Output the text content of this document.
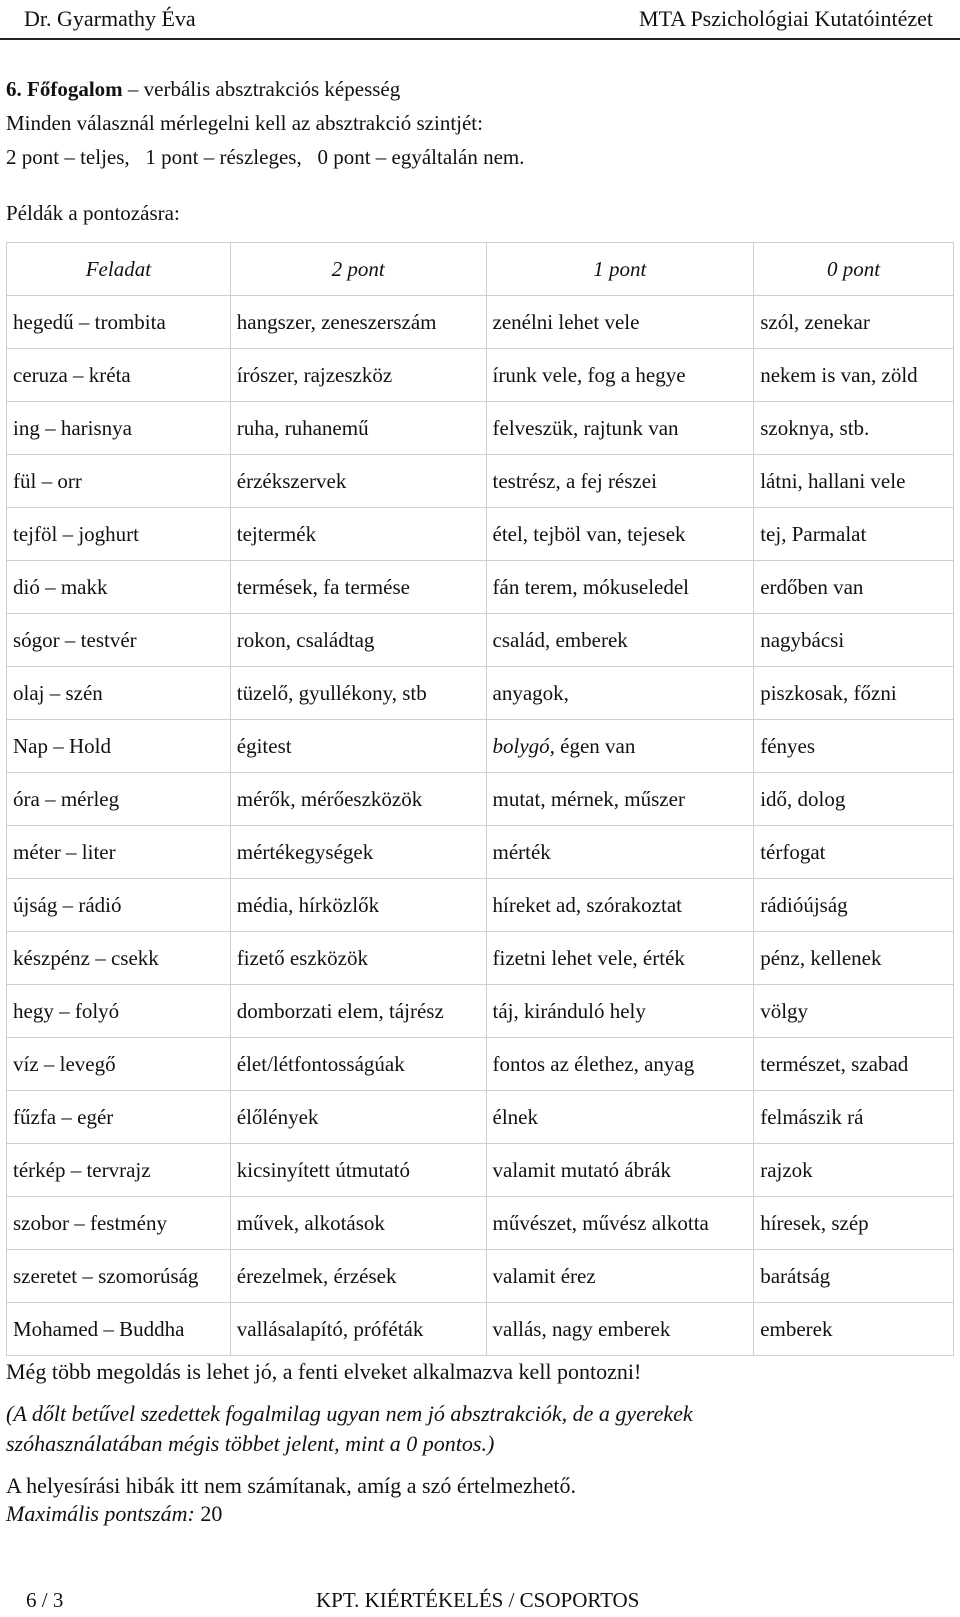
Dr. Gyarmathy Éva	MTA Pszichológiai Kutatóintézet
6. Főfogalom – verbális absztrakciós képesség
Minden válasznál mérlegelni kell az absztrakció szintjét:
2 pont – teljes,   1 pont – részleges,   0 pont – egyáltalán nem.
Példák a pontozásra:
Feladat	2 pont	1 pont	0 pont
hegedű – trombita	hangszer, zeneszerszám	zenélni lehet vele	szól, zenekar
ceruza – kréta	írószer, rajzeszköz	írunk vele, fog a hegye	nekem is van, zöld
ing – harisnya	ruha, ruhanemű	felveszük, rajtunk van	szoknya, stb.
fül – orr	érzékszervek	testrész, a fej részei	látni, hallani vele
tejföl – joghurt	tejtermék	étel, tejböl van, tejesek	tej, Parmalat
dió – makk	termések, fa termése	fán terem, mókuseledel	erdőben van
sógor – testvér	rokon, családtag	család, emberek	nagybácsi
olaj – szén	tüzelő, gyullékony, stb	anyagok,	piszkosak, főzni
Nap – Hold	égitest	bolygó, égen van	fényes
óra – mérleg	mérők, mérőeszközök	mutat, mérnek, műszer	idő, dolog
méter – liter	mértékegységek	mérték	térfogat
újság – rádió	média, hírközlők	híreket ad, szórakoztat	rádióújság
készpénz – csekk	fizető eszközök	fizetni lehet vele, érték	pénz, kellenek
hegy – folyó	domborzati elem, tájrész	táj, kiránduló hely	völgy
víz – levegő	élet/létfontosságúak	fontos az élethez, anyag	természet, szabad
fűzfa – egér	élőlények	élnek	felmászik rá
térkép – tervrajz	kicsinyített útmutató	valamit mutató ábrák	rajzok
szobor – festmény	művek, alkotások	művészet, művész alkotta	híresek, szép
szeretet – szomorúság	érezelmek, érzések	valamit érez	barátság
Mohamed – Buddha	vallásalapító, próféták	vallás, nagy emberek	emberek
Még több megoldás is lehet jó, a fenti elveket alkalmazva kell pontozni!
(A dőlt betűvel szedettek fogalmilag ugyan nem jó absztrakciók, de a gyerekek
szóhasználatában mégis többet jelent, mint a 0 pontos.)
A helyesírási hibák itt nem számítanak, amíg a szó értelmezhető.
Maximális pontszám: 20
6 / 3	KPT. KIÉRTÉKELÉS / CSOPORTOS
